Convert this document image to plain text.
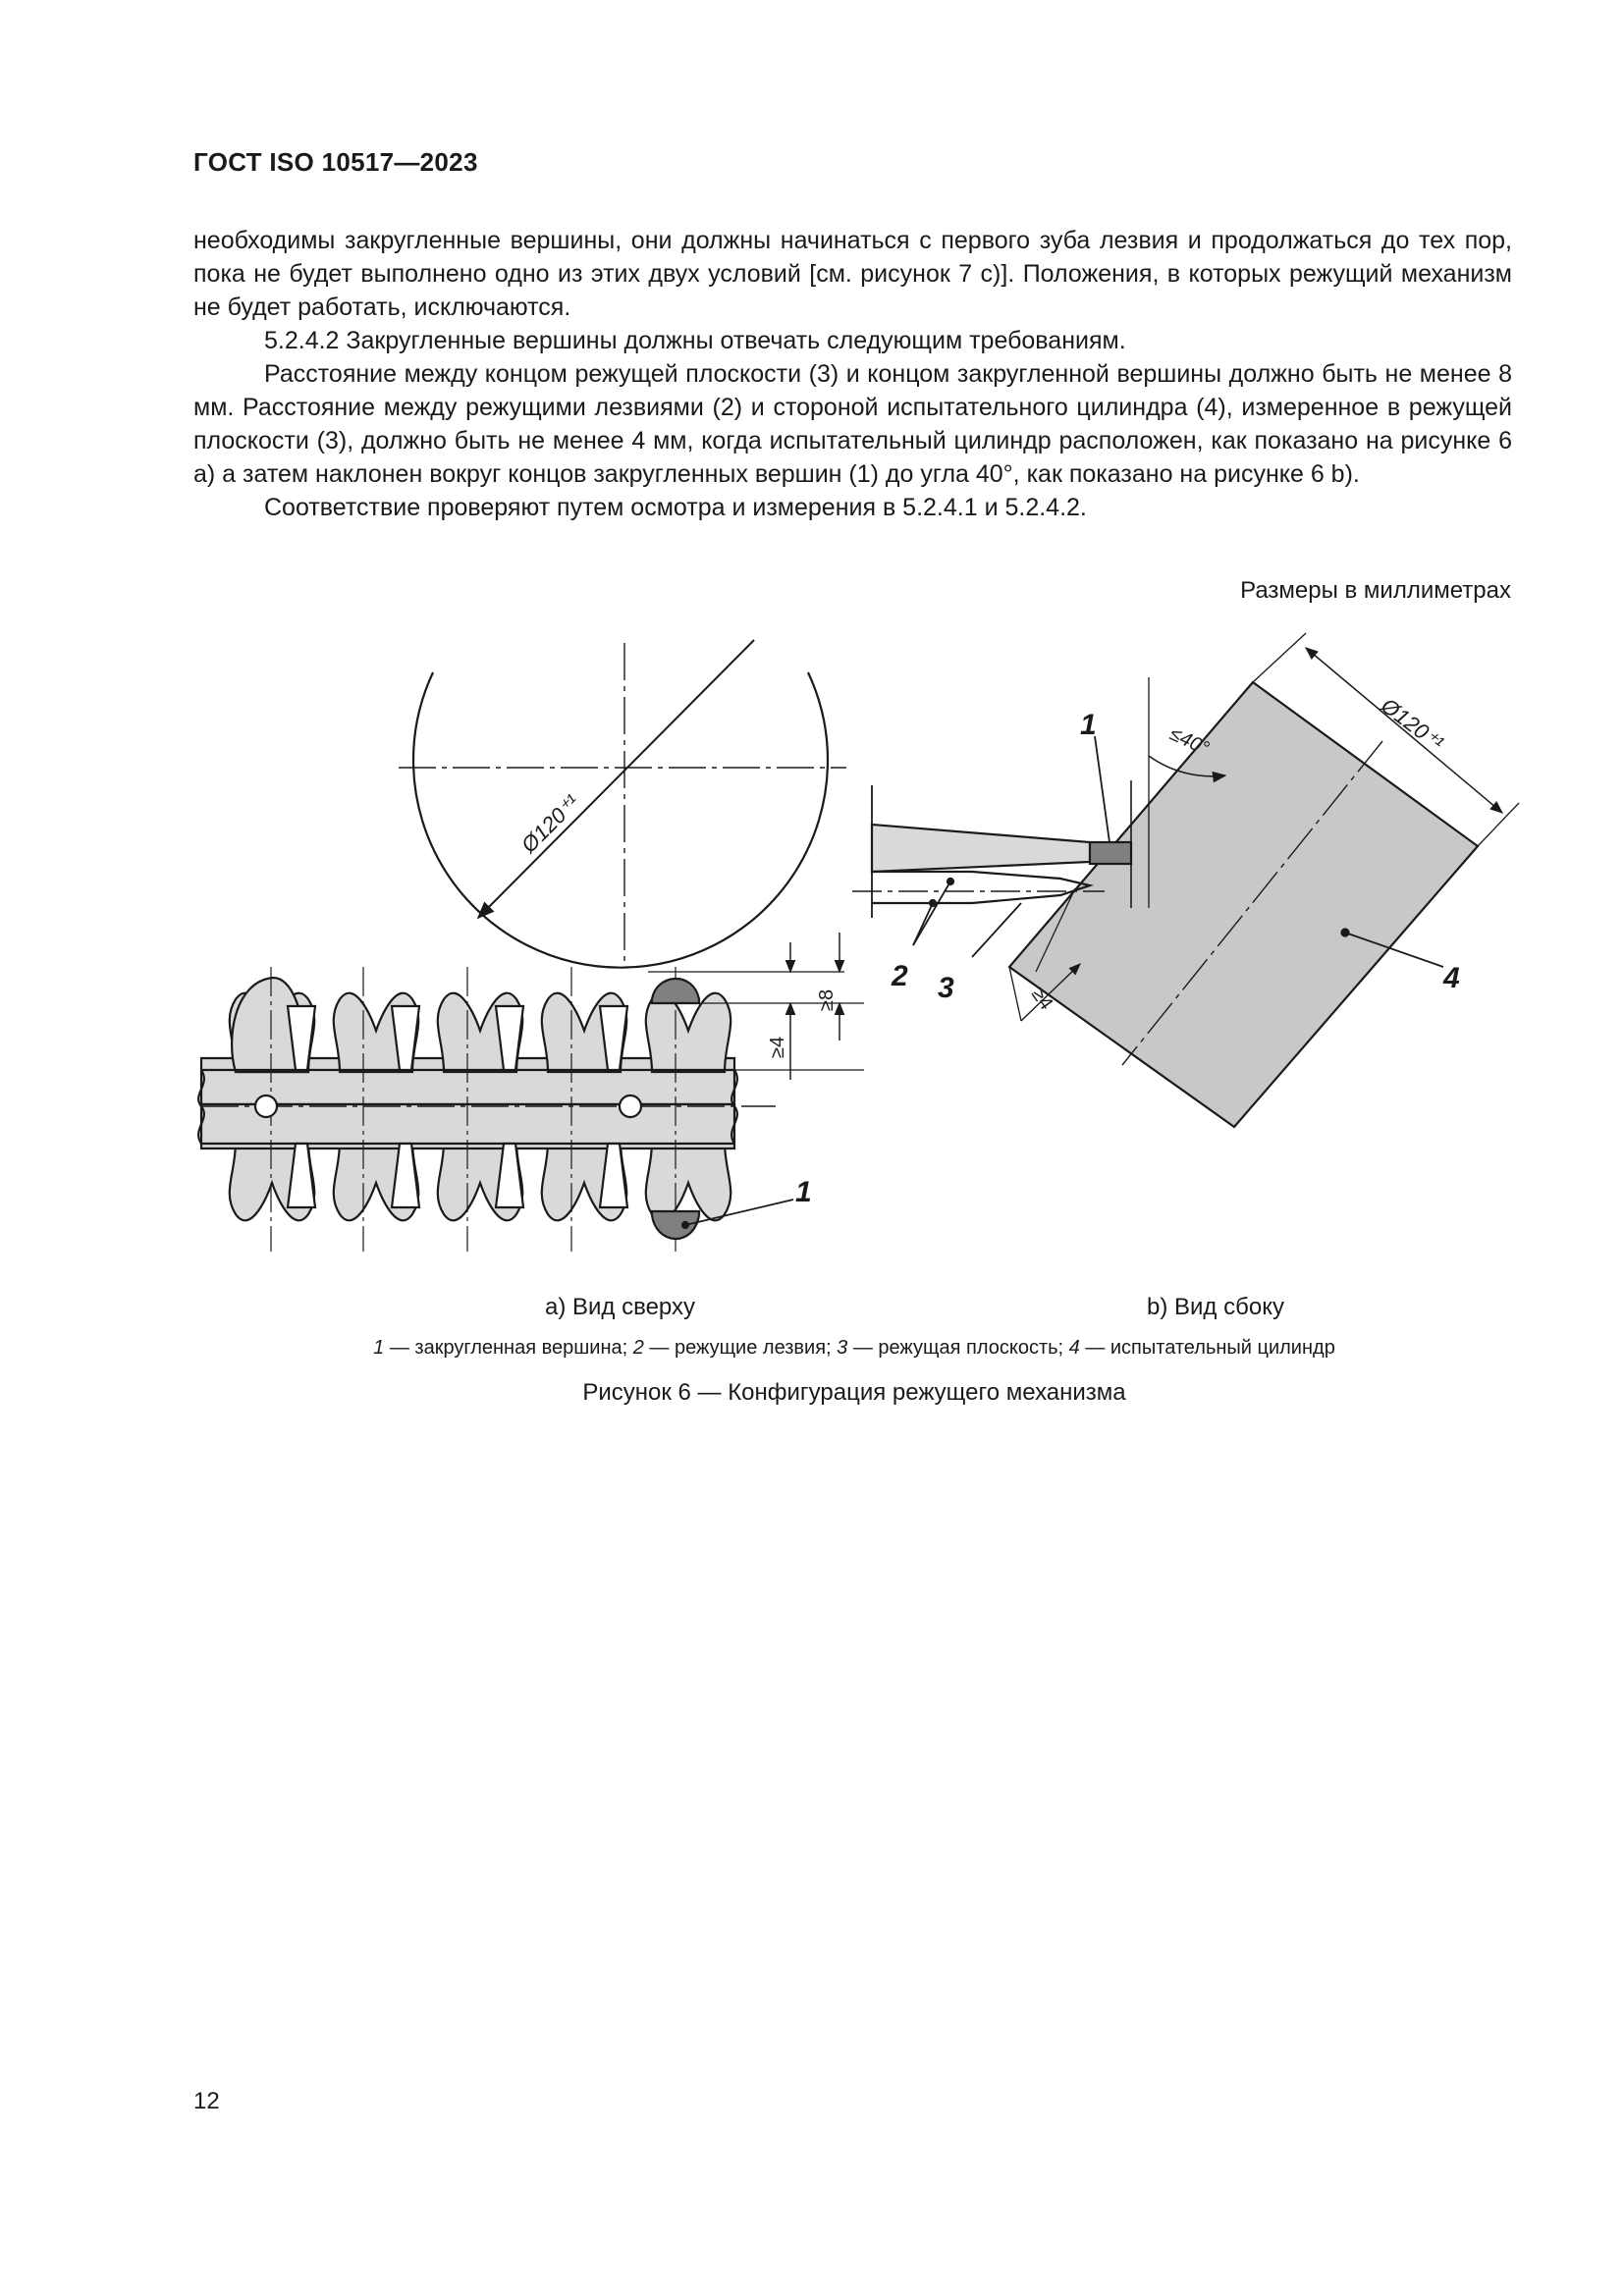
ГОСТ ISO 10517—2023

необходимы закругленные вершины, они должны начинаться с первого зуба лезвия и продолжаться до тех пор, пока не будет выполнено одно из этих двух условий [см. рисунок 7 с)]. Положения, в которых режущий механизм не будет работать, исключаются.

5.2.4.2 Закругленные вершины должны отвечать следующим требованиям.

Расстояние между концом режущей плоскости (3) и концом закругленной вершины должно быть не менее 8 мм. Расстояние между режущими лезвиями (2) и стороной испытательного цилиндра (4), измеренное в режущей плоскости (3), должно быть не менее 4 мм, когда испытательный цилиндр расположен, как показано на рисунке 6 а) а затем наклонен вокруг концов закругленных вершин (1) до угла 40°, как показано на рисунке 6 b).

Соответствие проверяют путем осмотра и измерения в 5.2.4.1 и 5.2.4.2.

Размеры в миллиметрах
Ø120⁺¹
≥8
≥4
1
Ø120⁺¹
≤40°
≥4
1
2 3	4
а) Вид сверху	b) Вид сбоку
1 — закругленная вершина; 2 — режущие лезвия; 3 — режущая плоскость; 4 — испытательный цилиндр
Рисунок 6 — Конфигурация режущего механизма
12
